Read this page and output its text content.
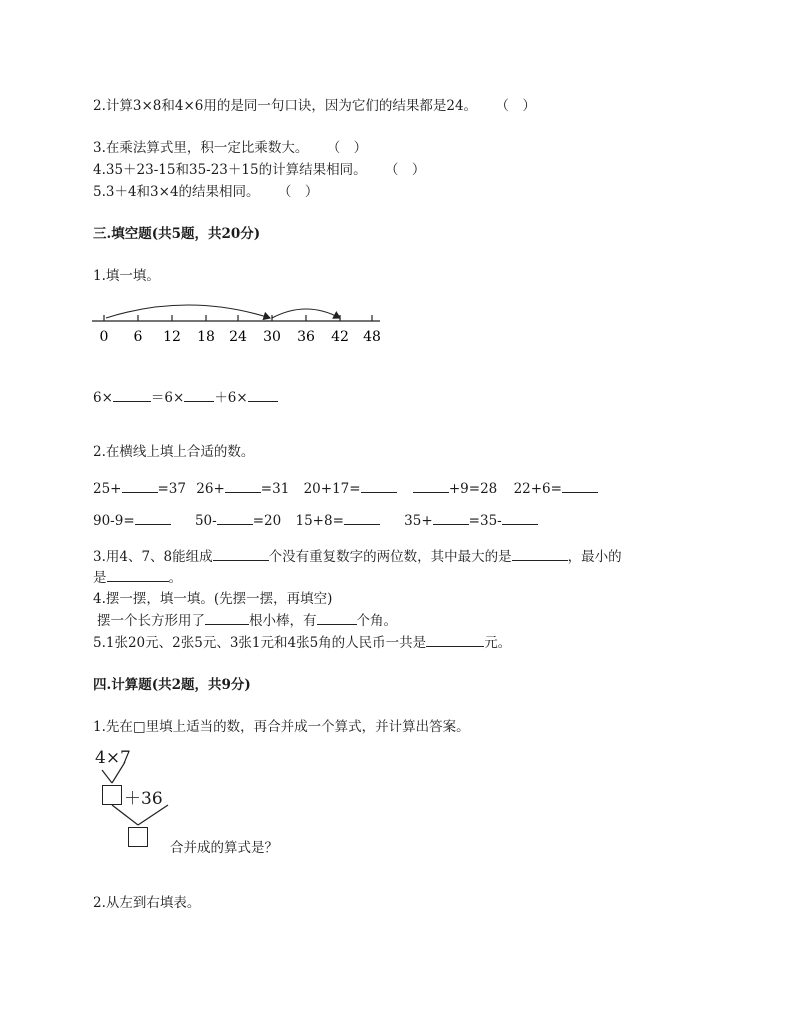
2.计算3×8和4×6用的是同一句口诀，因为它们的结果都是24。 （　）
3.在乘法算式里，积一定比乘数大。 （　）
4.35＋23-15和35-23＋15的计算结果相同。 （　）
5.3＋4和3×4的结果相同。 （　）
三.填空题(共5题，共20分)
1.填一填。
0 6 12 18 24 30 36 42 48
6×	＝6× ＋6×
2.在横线上填上合适的数。
25+	=37 26+	=31 20+17=	+9=28 22+6=
90-9=	50-	=20 15+8=	35+	=35-
3.用4、7、8能组成	个没有重复数字的两位数，其中最大的是	，最小的
是	。
4.摆一摆，填一填。(先摆一摆，再填空)
摆一个长方形用了	根小棒，有	个角。
5.1张20元、2张5元、3张1元和4张5角的人民币一共是	元。
四.计算题(共2题，共9分)
1.先在□里填上适当的数，再合并成一个算式，并计算出答案。
4×7
＋36
合并成的算式是？
2.从左到右填表。
